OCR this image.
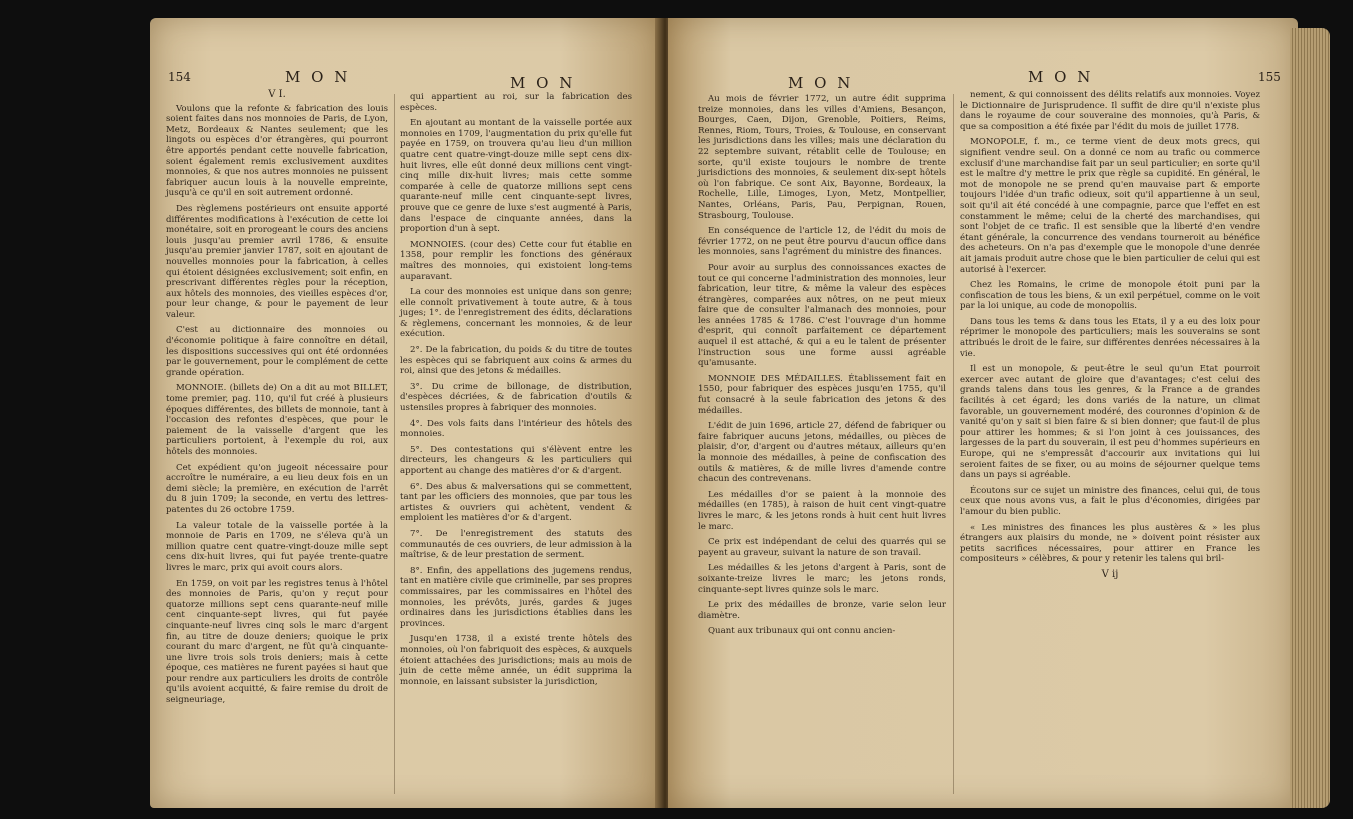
154	M O N	M O N

V I.

Voulons que la refonte & fabrication des louis soient faites dans nos monnoies de Paris, de Lyon, Metz, Bordeaux & Nantes seulement; que les lingots ou espèces d'or étrangères, qui pourront être apportés pendant cette nouvelle fabrication, soient également remis exclusivement auxdites monnoies, & que nos autres monnoies ne puissent fabriquer aucun louis à la nouvelle empreinte, jusqu'à ce qu'il en soit autrement ordonné.

Des règlemens postérieurs ont ensuite apporté différentes modifications à l'exécution de cette loi monétaire, soit en prorogeant le cours des anciens louis jusqu'au premier avril 1786, & ensuite jusqu'au premier janvier 1787, soit en ajoutant de nouvelles monnoies pour la fabrication, à celles qui étoient désignées exclusivement; soit enfin, en prescrivant différentes règles pour la réception, aux hôtels des monnoies, des vieilles espèces d'or, pour leur change, & pour le payement de leur valeur.

C'est au dictionnaire des monnoies ou d'économie politique à faire connoître en détail, les dispositions successives qui ont été ordonnées par le gouvernement, pour le complément de cette grande opération.

MONNOIE. (billets de) On a dit au mot BILLET, tome premier, pag. 110, qu'il fut créé à plusieurs époques différentes, des billets de monnoie, tant à l'occasion des refontes d'espèces, que pour le paiement de la vaisselle d'argent que les particuliers portoient, à l'exemple du roi, aux hôtels des monnoies.

Cet expédient qu'on jugeoit nécessaire pour accroître le numéraire, a eu lieu deux fois en un demi siècle; la première, en exécution de l'arrêt du 8 juin 1709; la seconde, en vertu des lettres-patentes du 26 octobre 1759.

La valeur totale de la vaisselle portée à la monnoie de Paris en 1709, ne s'éleva qu'à un million quatre cent quatre-vingt-douze mille sept cens dix-huit livres, qui fut payée trente-quatre livres le marc, prix qui avoit cours alors.

En 1759, on voit par les registres tenus à l'hôtel des monnoies de Paris, qu'on y reçut pour quatorze millions sept cens quarante-neuf mille cent cinquante-sept livres, qui fut payée cinquante-neuf livres cinq sols le marc d'argent fin, au titre de douze deniers; quoique le prix courant du marc d'argent, ne fût qu'à cinquante-une livre trois sols trois deniers; mais à cette époque, ces matières ne furent payées si haut que pour rendre aux particuliers les droits de contrôle qu'ils avoient acquitté, & faire remise du droit de seigneuriage,

qui appartient au roi, sur la fabrication des espèces.

En ajoutant au montant de la vaisselle portée aux monnoies en 1709, l'augmentation du prix qu'elle fut payée en 1759, on trouvera qu'au lieu d'un million quatre cent quatre-vingt-douze mille sept cens dix-huit livres, elle eût donné deux millions cent vingt-cinq mille dix-huit livres; mais cette somme comparée à celle de quatorze millions sept cens quarante-neuf mille cent cinquante-sept livres, prouve que ce genre de luxe s'est augmenté à Paris, dans l'espace de cinquante années, dans la proportion d'un à sept.

MONNOIES. (cour des) Cette cour fut établie en 1358, pour remplir les fonctions des généraux maîtres des monnoies, qui existoient long-tems auparavant.

La cour des monnoies est unique dans son genre; elle connoît privativement à toute autre, & à tous juges; 1°. de l'enregistrement des édits, déclarations & règlemens, concernant les monnoies, & de leur exécution.

2°. De la fabrication, du poids & du titre de toutes les espèces qui se fabriquent aux coins & armes du roi, ainsi que des jetons & médailles.

3°. Du crime de billonage, de distribution, d'espèces décriées, & de fabrication d'outils & ustensiles propres à fabriquer des monnoies.

4°. Des vols faits dans l'intérieur des hôtels des monnoies.

5°. Des contestations qui s'élèvent entre les directeurs, les changeurs & les particuliers qui apportent au change des matières d'or & d'argent.

6°. Des abus & malversations qui se commettent, tant par les officiers des monnoies, que par tous les artistes & ouvriers qui achètent, vendent & emploient les matières d'or & d'argent.

7°. De l'enregistrement des statuts des communautés de ces ouvriers, de leur admission à la maîtrise, & de leur prestation de serment.

8°. Enfin, des appellations des jugemens rendus, tant en matière civile que criminelle, par ses propres commissaires, par les commissaires en l'hôtel des monnoies, les prévôts, jurés, gardes & juges ordinaires dans les jurisdictions établies dans les provinces.

Jusqu'en 1738, il a existé trente hôtels des monnoies, où l'on fabriquoit des espèces, & auxquels étoient attachées des jurisdictions; mais au mois de juin de cette même année, un édit supprima la monnoie, en laissant subsister la jurisdiction,

M O N	M O N	155

Au mois de février 1772, un autre édit supprima treize monnoies, dans les villes d'Amiens, Besançon, Bourges, Caen, Dijon, Grenoble, Poitiers, Reims, Rennes, Riom, Tours, Troies, & Toulouse, en conservant les jurisdictions dans les villes; mais une déclaration du 22 septembre suivant, rétablit celle de Toulouse; en sorte, qu'il existe toujours le nombre de trente jurisdictions des monnoies, & seulement dix-sept hôtels où l'on fabrique. Ce sont Aix, Bayonne, Bordeaux, la Rochelle, Lille, Limoges, Lyon, Metz, Montpellier, Nantes, Orléans, Paris, Pau, Perpignan, Rouen, Strasbourg, Toulouse.

En conséquence de l'article 12, de l'édit du mois de février 1772, on ne peut être pourvu d'aucun office dans les monnoies, sans l'agrément du ministre des finances.

Pour avoir au surplus des connoissances exactes de tout ce qui concerne l'administration des monnoies, leur fabrication, leur titre, & même la valeur des espèces étrangères, comparées aux nôtres, on ne peut mieux faire que de consulter l'almanach des monnoies, pour les années 1785 & 1786. C'est l'ouvrage d'un homme d'esprit, qui connoît parfaitement ce département auquel il est attaché, & qui a eu le talent de présenter l'instruction sous une forme aussi agréable qu'amusante.

MONNOIE DES MÉDAILLES. Établissement fait en 1550, pour fabriquer des espèces jusqu'en 1755, qu'il fut consacré à la seule fabrication des jetons & des médailles.

L'édit de juin 1696, article 27, défend de fabriquer ou faire fabriquer aucuns jetons, médailles, ou pièces de plaisir, d'or, d'argent ou d'autres métaux, ailleurs qu'en la monnoie des médailles, à peine de confiscation des outils & matières, & de mille livres d'amende contre chacun des contrevenans.

Les médailles d'or se paient à la monnoie des médailles (en 1785), à raison de huit cent vingt-quatre livres le marc, & les jetons ronds à huit cent huit livres le marc.

Ce prix est indépendant de celui des quarrés qui se payent au graveur, suivant la nature de son travail.

Les médailles & les jetons d'argent à Paris, sont de soixante-treize livres le marc; les jetons ronds, cinquante-sept livres quinze sols le marc.

Le prix des médailles de bronze, varie selon leur diamètre.

Quant aux tribunaux qui ont connu ancien-

nement, & qui connoissent des délits relatifs aux monnoies. Voyez le Dictionnaire de Jurisprudence. Il suffit de dire qu'il n'existe plus dans le royaume de cour souveraine des monnoies, qu'à Paris, & que sa composition a été fixée par l'édit du mois de juillet 1778.

MONOPOLE, f. m., ce terme vient de deux mots grecs, qui signifient vendre seul. On a donné ce nom au trafic ou commerce exclusif d'une marchandise fait par un seul particulier; en sorte qu'il est le maître d'y mettre le prix que règle sa cupidité. En général, le mot de monopole ne se prend qu'en mauvaise part & emporte toujours l'idée d'un trafic odieux, soit qu'il appartienne à un seul, soit qu'il ait été concédé à une compagnie, parce que l'effet en est constamment le même; celui de la cherté des marchandises, qui sont l'objet de ce trafic. Il est sensible que la liberté d'en vendre étant générale, la concurrence des vendans tourneroit au bénéfice des acheteurs. On n'a pas d'exemple que le monopole d'une denrée ait jamais produit autre chose que le bien particulier de celui qui est autorisé à l'exercer.

Chez les Romains, le crime de monopole étoit puni par la confiscation de tous les biens, & un exil perpétuel, comme on le voit par la loi unique, au code de monopoliis.

Dans tous les tems & dans tous les Etats, il y a eu des loix pour réprimer le monopole des particuliers; mais les souverains se sont attribués le droit de le faire, sur différentes denrées nécessaires à la vie.

Il est un monopole, & peut-être le seul qu'un Etat pourroit exercer avec autant de gloire que d'avantages; c'est celui des grands talens dans tous les genres, & la France a de grandes facilités à cet égard; les dons variés de la nature, un climat favorable, un gouvernement modéré, des couronnes d'opinion & de vanité qu'on y sait si bien faire & si bien donner; que faut-il de plus pour attirer les hommes; & si l'on joint à ces jouissances, des largesses de la part du souverain, il est peu d'hommes supérieurs en Europe, qui ne s'empressât d'accourir aux invitations qui lui seroient faites de se fixer, ou au moins de séjourner quelque tems dans un pays si agréable.

Écoutons sur ce sujet un ministre des finances, celui qui, de tous ceux que nous avons vus, a fait le plus d'économies, dirigées par l'amour du bien public.

« Les ministres des finances les plus austères & » les plus étrangers aux plaisirs du monde, ne » doivent point résister aux petits sacrifices nécessaires, pour attirer en France les compositeurs » célèbres, & pour y retenir les talens qui bril-

V ij
